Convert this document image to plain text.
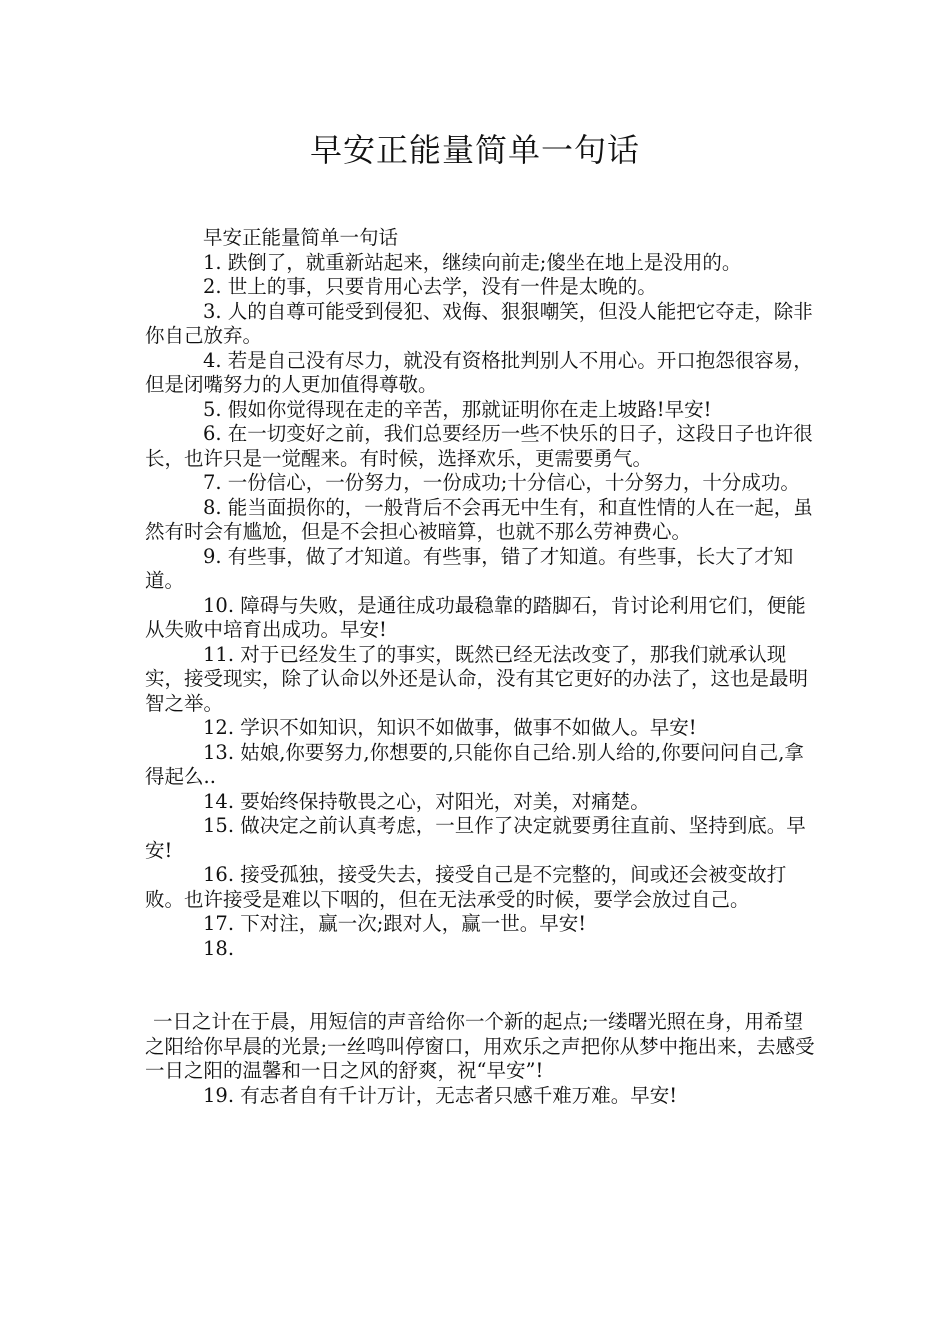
早安正能量简单一句话

早安正能量简单一句话

1. 跌倒了，就重新站起来，继续向前走;傻坐在地上是没用的。

2. 世上的事，只要肯用心去学，没有一件是太晚的。

3. 人的自尊可能受到侵犯、戏侮、狠狠嘲笑，但没人能把它夺走，除非你自己放弃。

4. 若是自己没有尽力，就没有资格批判别人不用心。开口抱怨很容易，但是闭嘴努力的人更加值得尊敬。

5. 假如你觉得现在走的辛苦，那就证明你在走上坡路!早安!

6. 在一切变好之前，我们总要经历一些不快乐的日子，这段日子也许很长，也许只是一觉醒来。有时候，选择欢乐，更需要勇气。

7. 一份信心，一份努力，一份成功;十分信心，十分努力，十分成功。

8. 能当面损你的，一般背后不会再无中生有，和直性情的人在一起，虽然有时会有尴尬，但是不会担心被暗算，也就不那么劳神费心。

9. 有些事，做了才知道。有些事，错了才知道。有些事，长大了才知道。

10. 障碍与失败，是通往成功最稳靠的踏脚石，肯讨论利用它们，便能从失败中培育出成功。早安!

11. 对于已经发生了的事实，既然已经无法改变了，那我们就承认现实，接受现实，除了认命以外还是认命，没有其它更好的办法了，这也是最明智之举。

12. 学识不如知识，知识不如做事，做事不如做人。早安!

13. 姑娘,你要努力,你想要的,只能你自己给.别人给的,你要问问自己,拿得起么..

14. 要始终保持敬畏之心，对阳光，对美，对痛楚。

15. 做决定之前认真考虑，一旦作了决定就要勇往直前、坚持到底。早安!

16. 接受孤独，接受失去，接受自己是不完整的，间或还会被变故打败。也许接受是难以下咽的，但在无法承受的时候，要学会放过自己。

17. 下对注，赢一次;跟对人，赢一世。早安!

18.

一日之计在于晨，用短信的声音给你一个新的起点;一缕曙光照在身，用希望之阳给你早晨的光景;一丝鸣叫停窗口，用欢乐之声把你从梦中拖出来，去感受一日之阳的温馨和一日之风的舒爽，祝“早安”!

19. 有志者自有千计万计，无志者只感千难万难。早安!
